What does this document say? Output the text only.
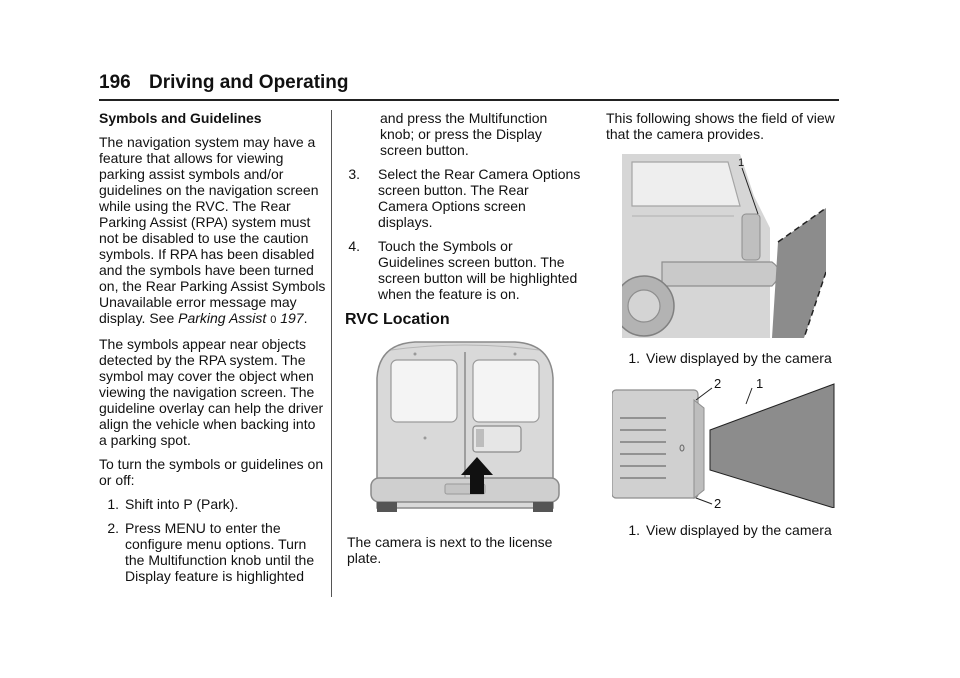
196 Driving and Operating

Symbols and Guidelines

The navigation system may have a feature that allows for viewing parking assist symbols and/or guidelines on the navigation screen while using the RVC. The Rear Parking Assist (RPA) system must not be disabled to use the caution symbols. If RPA has been disabled and the symbols have been turned on, the Rear Parking Assist Symbols Unavailable error message may display. See Parking Assist 0 197.

The symbols appear near objects detected by the RPA system. The symbol may cover the object when viewing the navigation screen. The guideline overlay can help the driver align the vehicle when backing into a parking spot.

To turn the symbols or guidelines on or off:

1. Shift into P (Park).
2. Press MENU to enter the configure menu options. Turn the Multifunction knob until the Display feature is highlighted

and press the Multifunction knob; or press the Display screen button.

3.	Select the Rear Camera Options screen button. The Rear Camera Options screen displays.
4.	Touch the Symbols or Guidelines screen button. The screen button will be highlighted when the feature is on.
RVC Location

The camera is next to the license plate.

This following shows the field of view that the camera provides.

1
1. View displayed by the camera
2	1
2
1. View displayed by the camera
